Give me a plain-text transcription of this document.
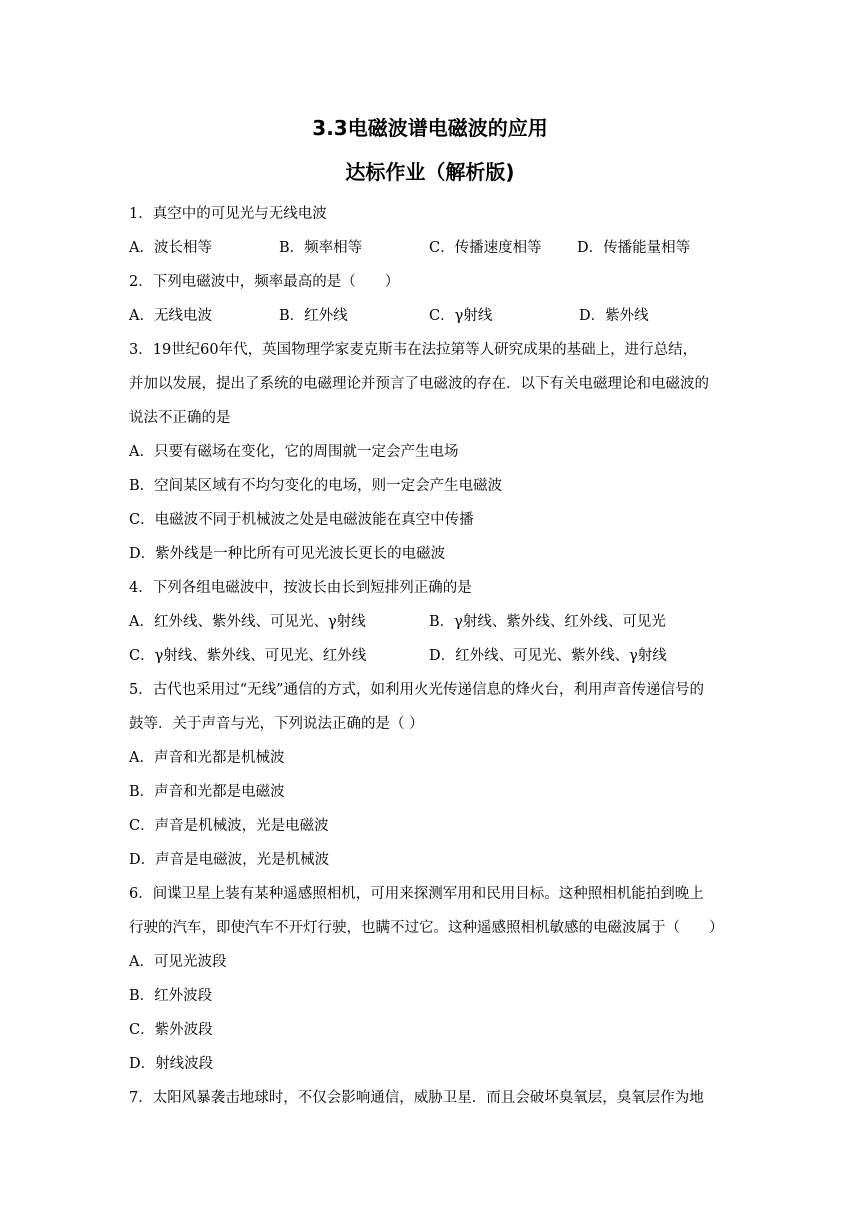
3.3电磁波谱电磁波的应用
达标作业（解析版)
1．真空中的可见光与无线电波
A．波长相等	B．频率相等	C．传播速度相等 D．传播能量相等
2．下列电磁波中，频率最高的是（　　）
A．无线电波	B．红外线	C．γ射线	D．紫外线
3．19世纪60年代，英国物理学家麦克斯韦在法拉第等人研究成果的基础上，进行总结，
并加以发展，提出了系统的电磁理论并预言了电磁波的存在．以下有关电磁理论和电磁波的
说法不正确的是
A．只要有磁场在变化，它的周围就一定会产生电场
B．空间某区域有不均匀变化的电场，则一定会产生电磁波
C．电磁波不同于机械波之处是电磁波能在真空中传播
D．紫外线是一种比所有可见光波长更长的电磁波
4．下列各组电磁波中，按波长由长到短排列正确的是
A．红外线、紫外线、可见光、γ射线	B．γ射线、紫外线、红外线、可见光
C．γ射线、紫外线、可见光、红外线	D．红外线、可见光、紫外线、γ射线
5．古代也采用过“无线”通信的方式，如利用火光传递信息的烽火台，利用声音传递信号的
鼓等．关于声音与光，下列说法正确的是（ ）
A．声音和光都是机械波
B．声音和光都是电磁波
C．声音是机械波，光是电磁波
D．声音是电磁波，光是机械波
6．间谍卫星上装有某种遥感照相机，可用来探测军用和民用目标。这种照相机能拍到晚上
行驶的汽车，即使汽车不开灯行驶，也瞒不过它。这种遥感照相机敏感的电磁波属于（　　）
A．可见光波段
B．红外波段
C．紫外波段
D．射线波段
7．太阳风暴袭击地球时，不仅会影响通信，威胁卫星．而且会破坏臭氧层，臭氧层作为地
